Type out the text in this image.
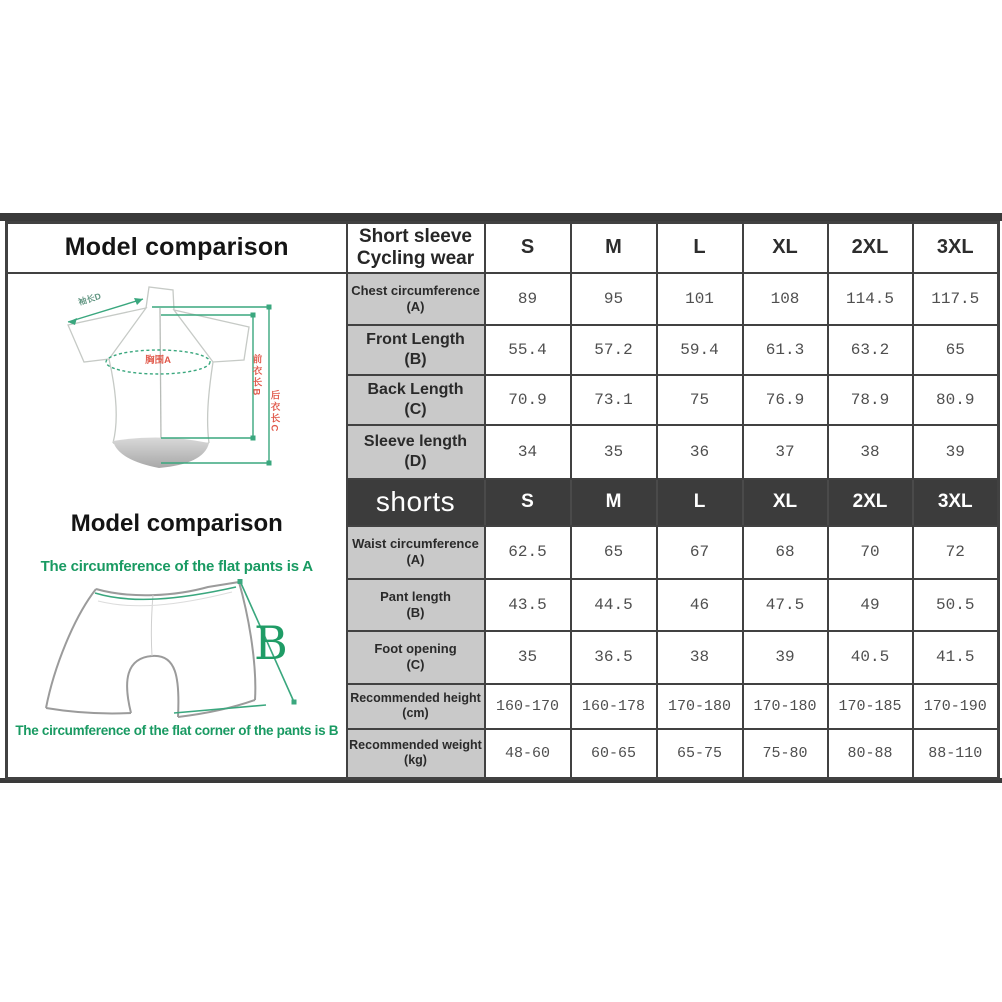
Model comparison	Short sleeve
Cycling wear	S	M	L	XL	2XL	3XL

袖长D
胸围A	前衣长B
后衣长C
Model comparison
The circumference of the flat pants is A
B
The circumference of the flat corner of the pants is B

Chest circumference
(A)	89	95	101	108	114.5	117.5

	Front Length
(B)	55.4	57.2	59.4	61.3	63.2	65

	Back Length
(C)	70.9	73.1	75	76.9	78.9	80.9

	Sleeve length
(D)	34	35	36	37	38	39
	shorts	S	M	L	XL	2XL	3XL

	Waist circumference
(A)	62.5	65	67	68	70	72

	Pant length
(B)	43.5	44.5	46	47.5	49	50.5

	Foot opening
(C)	35	36.5	38	39	40.5	41.5

	Recommended height
(cm)	160-170	160-178	170-180	170-180	170-185	170-190

	Recommended weight
(kg)	48-60	60-65	65-75	75-80	80-88	88-110
